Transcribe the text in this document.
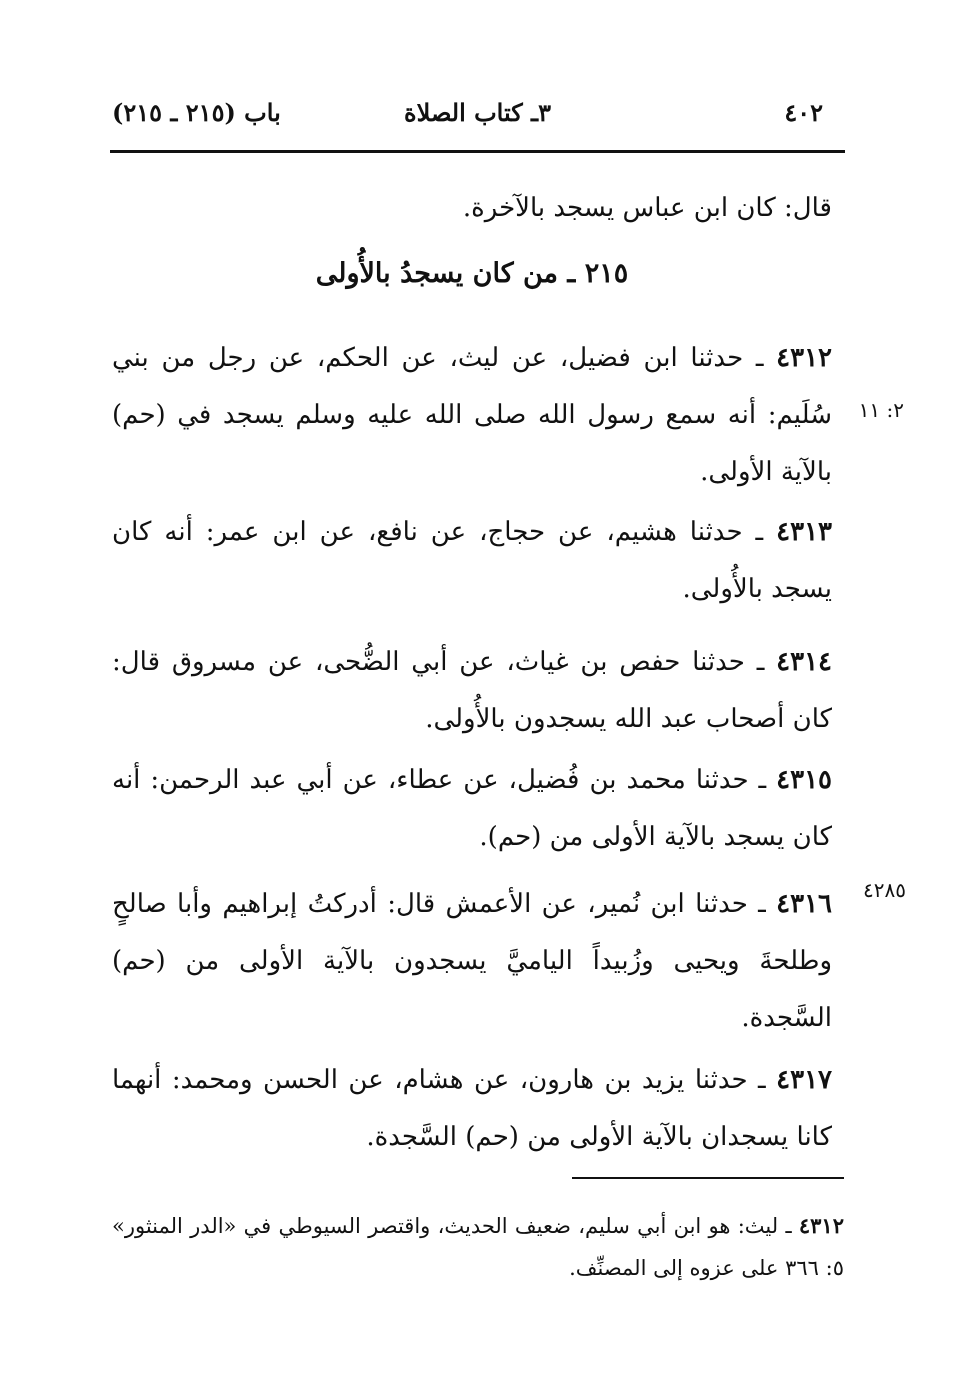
٤٠٢
٣ـ كتاب الصلاة
باب (٢١٥ ـ ٢١٥)

قال: كان ابن عباس يسجد بالآخرة.

٢١٥ ـ من كان يسجدُ بالأُولى

٤٣١٢ ـ حدثنا ابن فضيل، عن ليث، عن الحكم، عن رجل من بني سُلَيم: أنه سمع رسول الله صلى الله عليه وسلم يسجد في (حم) بالآية الأولى.

٢: ١١

٤٣١٣ ـ حدثنا هشيم، عن حجاج، عن نافع، عن ابن عمر: أنه كان يسجد بالأُولى.

٤٣١٤ ـ حدثنا حفص بن غياث، عن أبي الضُّحى، عن مسروق قال: كان أصحاب عبد الله يسجدون بالأُولى.

٤٣١٥ ـ حدثنا محمد بن فُضيل، عن عطاء، عن أبي عبد الرحمن: أنه كان يسجد بالآية الأولى من (حم).

٤٣١٦ ـ حدثنا ابن نُمير، عن الأعمش قال: أدركتُ إبراهيم وأبا صالحٍ وطلحةَ ويحيى وزُبيداً الياميَّ يسجدون بالآية الأولى من (حم) السَّجدة.

٤٢٨٥

٤٣١٧ ـ حدثنا يزيد بن هارون، عن هشام، عن الحسن ومحمد: أنهما كانا يسجدان بالآية الأولى من (حم) السَّجدة.

٤٣١٢ ـ ليث: هو ابن أبي سليم، ضعيف الحديث، واقتصر السيوطي في «الدر المنثور» ٥: ٣٦٦ على عزوه إلى المصنِّف.
